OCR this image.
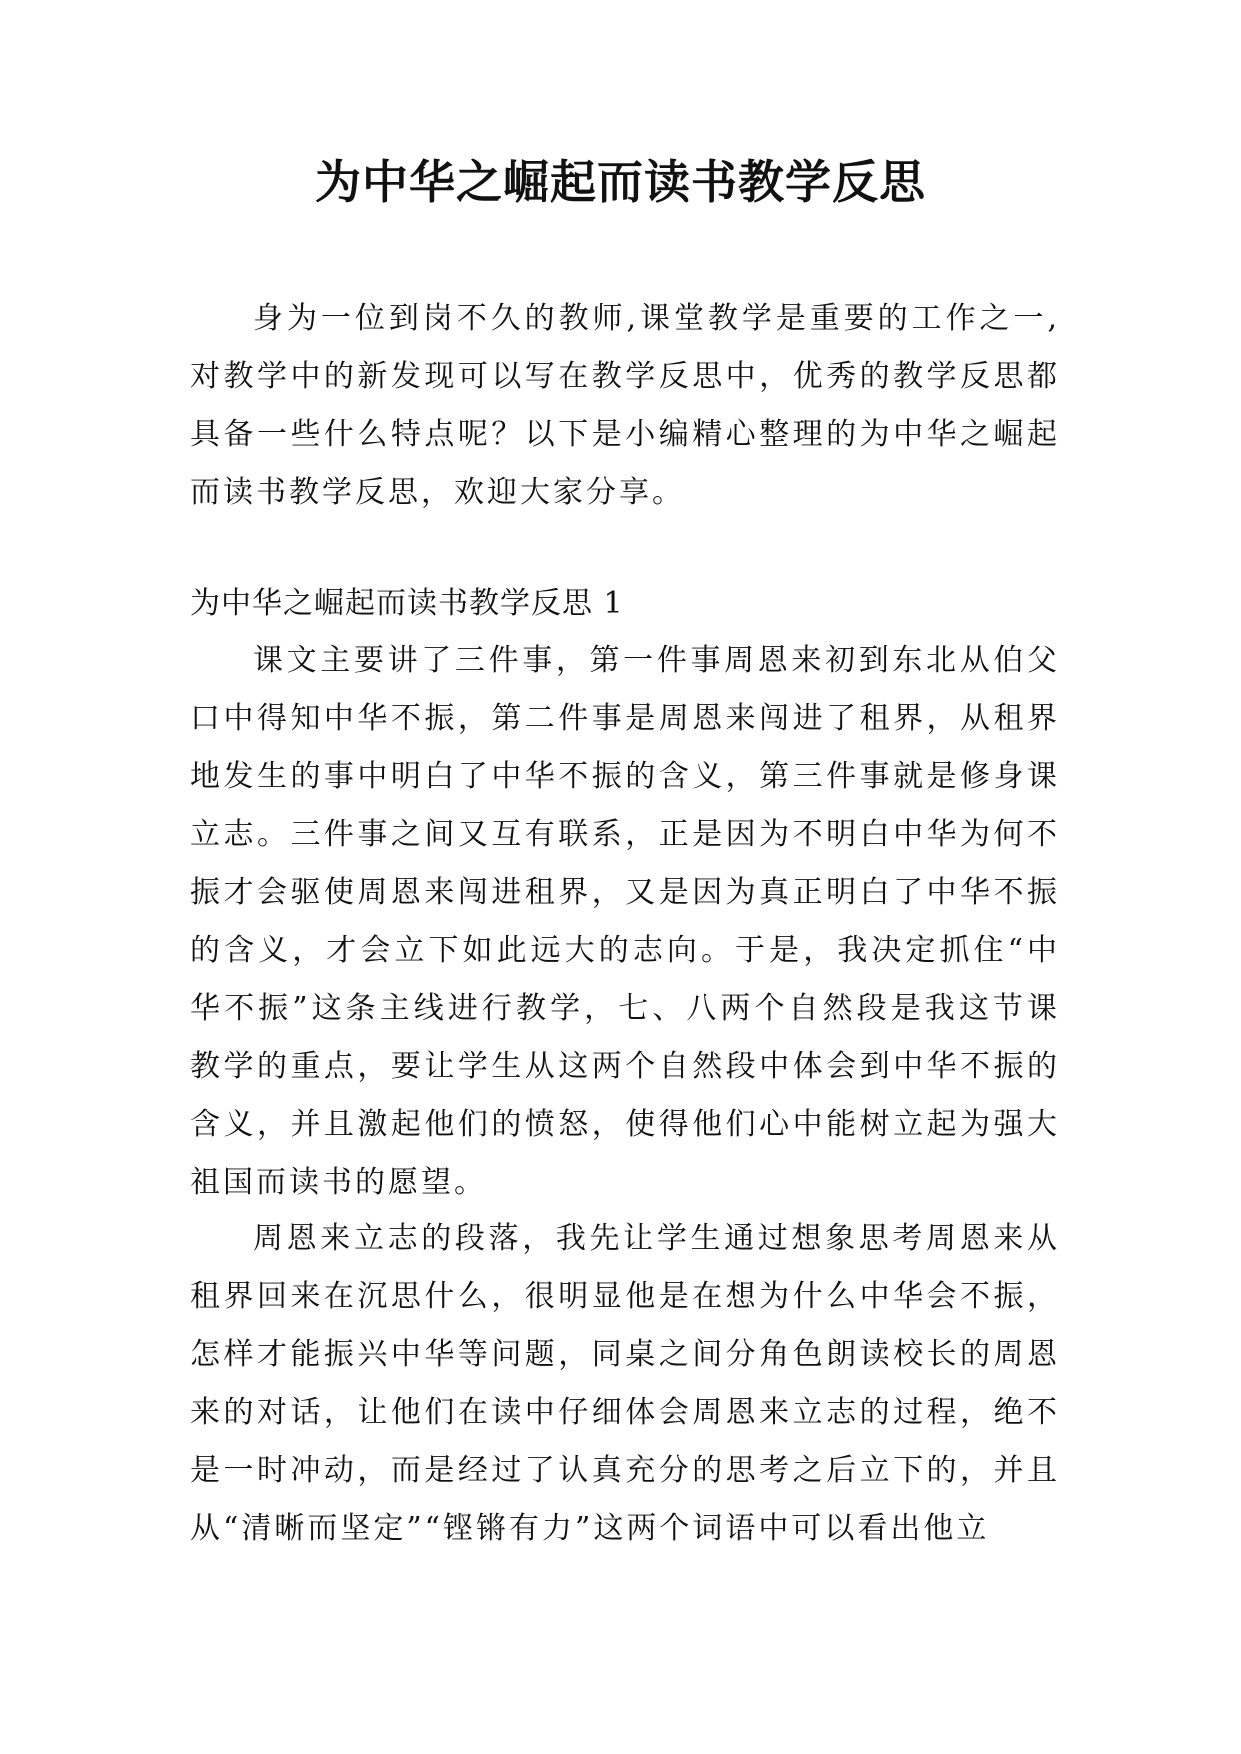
为中华之崛起而读书教学反思

身为一位到岗不久的教师,课堂教学是重要的工作之一,对教学中的新发现可以写在教学反思中，优秀的教学反思都具备一些什么特点呢？以下是小编精心整理的为中华之崛起而读书教学反思，欢迎大家分享。

为中华之崛起而读书教学反思 1

课文主要讲了三件事，第一件事周恩来初到东北从伯父口中得知中华不振，第二件事是周恩来闯进了租界，从租界地发生的事中明白了中华不振的含义，第三件事就是修身课立志。三件事之间又互有联系，正是因为不明白中华为何不振才会驱使周恩来闯进租界，又是因为真正明白了中华不振的含义，才会立下如此远大的志向。于是，我决定抓住“中华不振”这条主线进行教学，七、八两个自然段是我这节课教学的重点，要让学生从这两个自然段中体会到中华不振的含义，并且激起他们的愤怒，使得他们心中能树立起为强大祖国而读书的愿望。

周恩来立志的段落，我先让学生通过想象思考周恩来从租界回来在沉思什么，很明显他是在想为什么中华会不振，怎样才能振兴中华等问题，同桌之间分角色朗读校长的周恩来的对话，让他们在读中仔细体会周恩来立志的过程，绝不是一时冲动，而是经过了认真充分的思考之后立下的，并且从“清晰而坚定”“铿锵有力”这两个词语中可以看出他立
